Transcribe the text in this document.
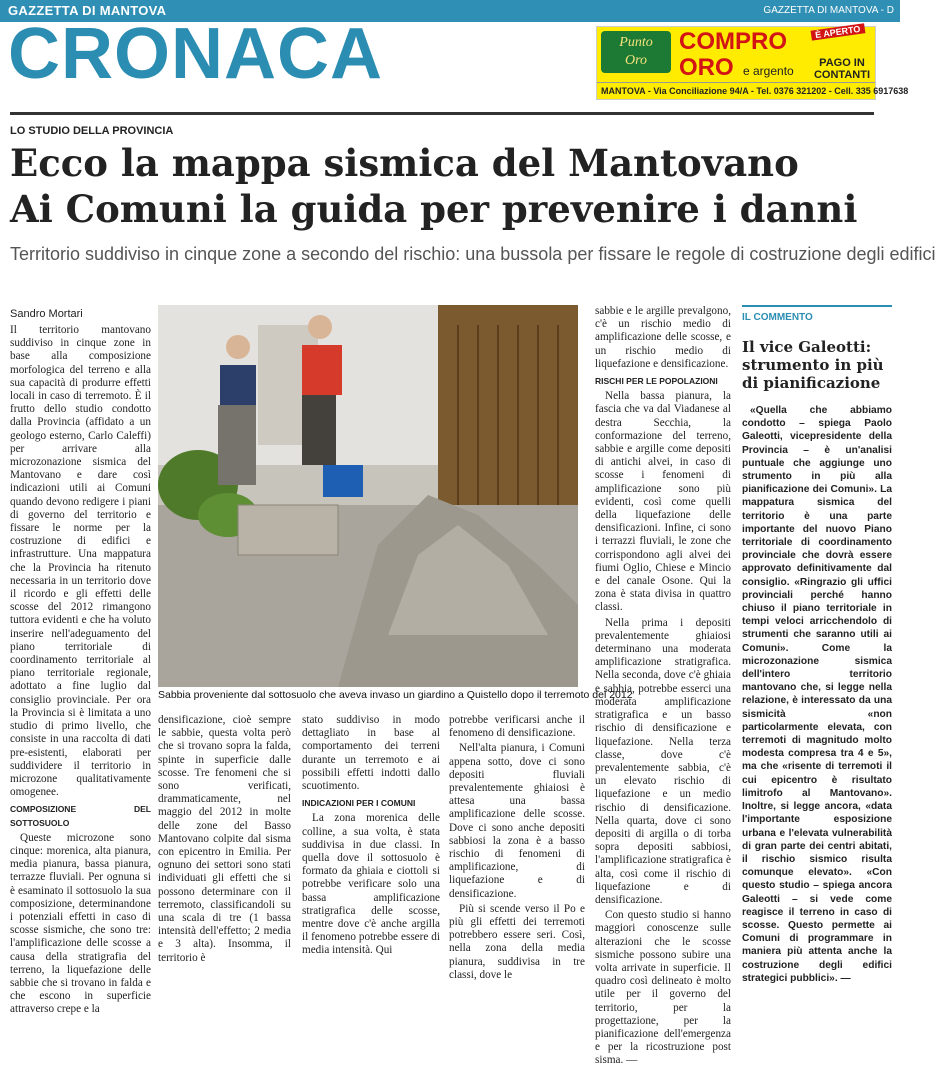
GAZZETTA DI MANTOVA	GAZZETTA DI MANTOVA - D
CRONACA	Punto
Oro
COMPRO
ORO e argento
È APERTO
PAGO IN CONTANTI
MANTOVA - Via Conciliazione 94/A - Tel. 0376 321202 - Cell. 335 6917638
LO STUDIO DELLA PROVINCIA
Ecco la mappa sismica del Mantovano
Ai Comuni la guida per prevenire i danni
Territorio suddiviso in cinque zone a secondo del rischio: una bussola per fissare le regole di costruzione degli edifici
Sandro Mortari

Il territorio mantovano suddiviso in cinque zone in base alla composizione morfologica del terreno e alla sua capacità di produrre effetti locali in caso di terremoto. È il frutto dello studio condotto dalla Provincia (affidato a un geologo esterno, Carlo Caleffi) per arrivare alla microzonazione sismica del Mantovano e dare così indicazioni utili ai Comuni quando devono redigere i piani di governo del territorio e fissare le norme per la costruzione di edifici e infrastrutture. Una mappatura che la Provincia ha ritenuto necessaria in un territorio dove il ricordo e gli effetti delle scosse del 2012 rimangono tuttora evidenti e che ha voluto inserire nell'adeguamento del piano territoriale di coordinamento territoriale al piano territoriale regionale, adottato a fine luglio dal consiglio provinciale. Per ora la Provincia si è limitata a uno studio di primo livello, che consiste in una raccolta di dati pre-esistenti, elaborati per suddividere il territorio in microzone qualitativamente omogenee.

COMPOSIZIONE DEL SOTTOSUOLO

Queste microzone sono cinque: morenica, alta pianura, media pianura, bassa pianura, terrazze fluviali. Per ognuna si è esaminato il sottosuolo la sua composizione, determinandone i potenziali effetti in caso di scosse sismiche, che sono tre: l'amplificazione delle scosse a causa della stratigrafia del terreno, la liquefazione delle sabbie che si trovano in falda e che escono in superficie attraverso crepe e la

Sabbia proveniente dal sottosuolo che aveva invaso un giardino a Quistello dopo il terremoto del 2012

densificazione, cioè sempre le sabbie, questa volta però che si trovano sopra la falda, spinte in superficie dalle scosse. Tre fenomeni che si sono verificati, drammaticamente, nel maggio del 2012 in molte delle zone del Basso Mantovano colpite dal sisma con epicentro in Emilia. Per ognuno dei settori sono stati individuati gli effetti che si possono determinare con il terremoto, classificandoli su una scala di tre (1 bassa intensità dell'effetto; 2 media e 3 alta). Insomma, il territorio è

stato suddiviso in modo dettagliato in base al comportamento dei terreni durante un terremoto e ai possibili effetti indotti dallo scuotimento.

INDICAZIONI PER I COMUNI

La zona morenica delle colline, a sua volta, è stata suddivisa in due classi. In quella dove il sottosuolo è formato da ghiaia e ciottoli si potrebbe verificare solo una bassa amplificazione stratigrafica delle scosse, mentre dove c'è anche argilla il fenomeno potrebbe essere di media intensità. Qui

potrebbe verificarsi anche il fenomeno di densificazione.

Nell'alta pianura, i Comuni appena sotto, dove ci sono depositi fluviali prevalentemente ghiaiosi è attesa una bassa amplificazione delle scosse. Dove ci sono anche depositi sabbiosi la zona è a basso rischio di fenomeni di amplificazione, di liquefazione e di densificazione.

Più si scende verso il Po e più gli effetti dei terremoti potrebbero essere seri. Così, nella zona della media pianura, suddivisa in tre classi, dove le

sabbie e le argille prevalgono, c'è un rischio medio di amplificazione delle scosse, e un rischio medio di liquefazione e densificazione.

RISCHI PER LE POPOLAZIONI

Nella bassa pianura, la fascia che va dal Viadanese al destra Secchia, la conformazione del terreno, sabbie e argille come depositi di antichi alvei, in caso di scosse i fenomeni di amplificazione sono più evidenti, così come quelli della liquefazione delle densificazioni. Infine, ci sono i terrazzi fluviali, le zone che corrispondono agli alvei dei fiumi Oglio, Chiese e Mincio e del canale Osone. Qui la zona è stata divisa in quattro classi.

Nella prima i depositi prevalentemente ghiaiosi determinano una moderata amplificazione stratigrafica. Nella seconda, dove c'è ghiaia e sabbia, potrebbe esserci una moderata amplificazione stratigrafica e un basso rischio di densificazione e liquefazione. Nella terza classe, dove c'è prevalentemente sabbia, c'è un elevato rischio di liquefazione e un medio rischio di densificazione. Nella quarta, dove ci sono depositi di argilla o di torba sopra depositi sabbiosi, l'amplificazione stratigrafica è alta, così come il rischio di liquefazione e di densificazione.

Con questo studio si hanno maggiori conoscenze sulle alterazioni che le scosse sismiche possono subire una volta arrivate in superficie. Il quadro così delineato è molto utile per il governo del territorio, per la progettazione, per la pianificazione dell'emergenza e per la ricostruzione post sisma. —

IL COMMENTO
Il vice Galeotti: strumento in più di pianificazione

«Quella che abbiamo condotto – spiega Paolo Galeotti, vicepresidente della Provincia – è un'analisi puntuale che aggiunge uno strumento in più alla pianificazione dei Comuni». La mappatura sismica del territorio è una parte importante del nuovo Piano territoriale di coordinamento provinciale che dovrà essere approvato definitivamente dal consiglio. «Ringrazio gli uffici provinciali perché hanno chiuso il piano territoriale in tempi veloci arricchendolo di strumenti che saranno utili ai Comuni». Come la microzonazione sismica dell'intero territorio mantovano che, si legge nella relazione, è interessato da una sismicità «non particolarmente elevata, con terremoti di magnitudo molto modesta compresa tra 4 e 5», ma che «risente di terremoti il cui epicentro è risultato limitrofo al Mantovano». Inoltre, si legge ancora, «data l'importante esposizione urbana e l'elevata vulnerabilità di gran parte dei centri abitati, il rischio sismico risulta comunque elevato». «Con questo studio – spiega ancora Galeotti – si vede come reagisce il terreno in caso di scosse. Questo permette ai Comuni di programmare in maniera più attenta anche la costruzione degli edifici strategici pubblici». —
